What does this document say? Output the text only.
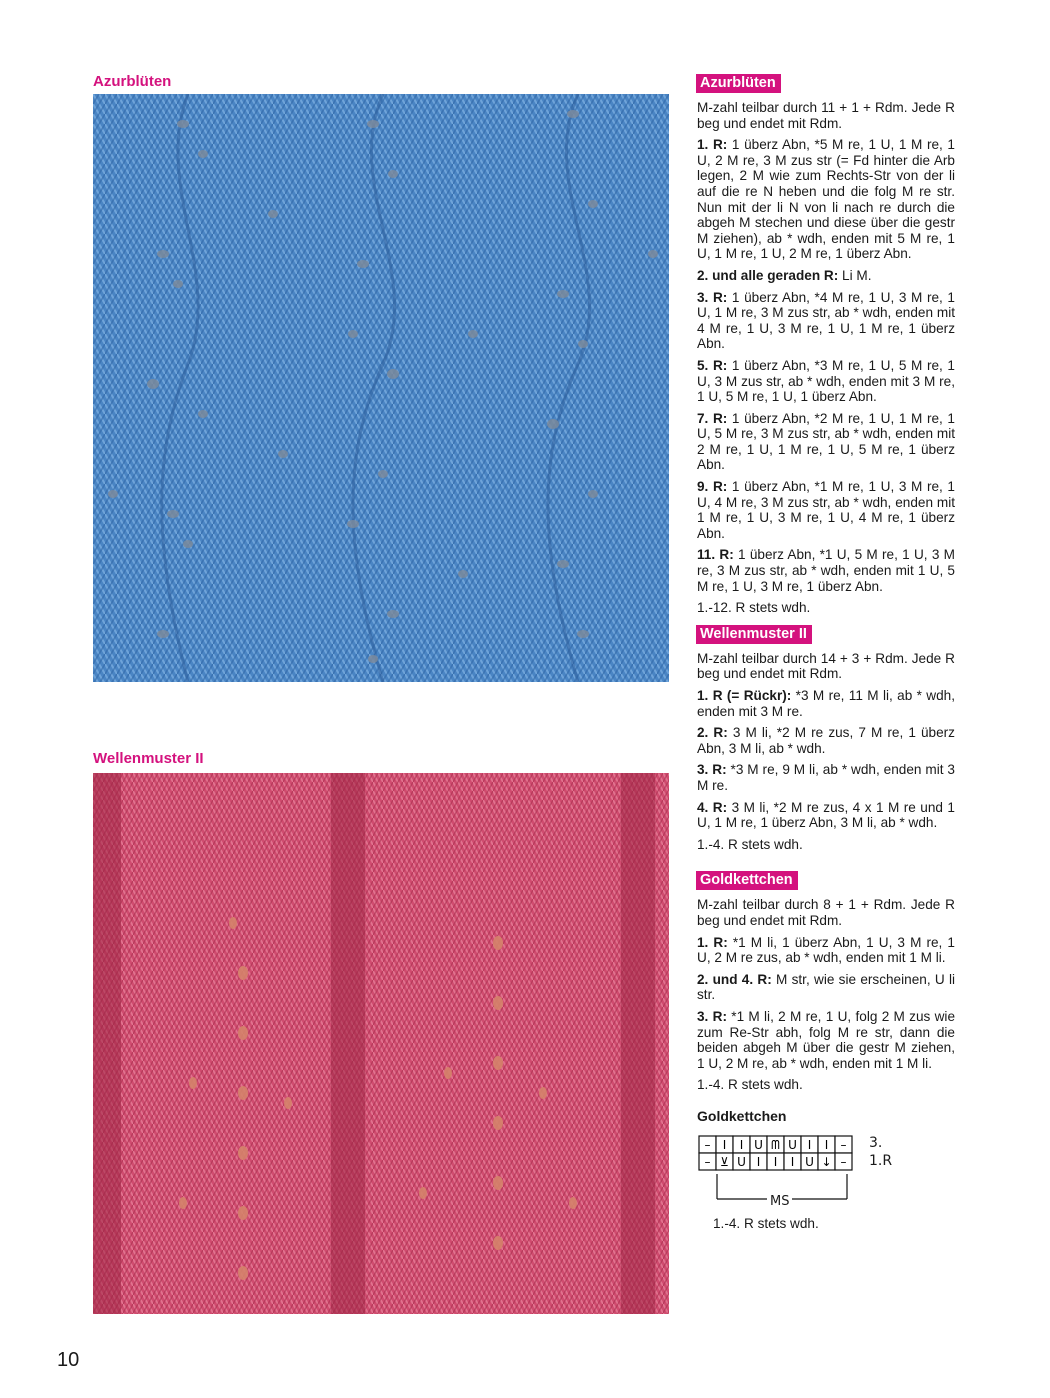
Azurblüten
Wellenmuster II
Azurblüten

M-zahl teilbar durch 11 + 1 + Rdm. Jede R beg und endet mit Rdm.

1. R: 1 überz Abn, *5 M re, 1 U, 1 M re, 1 U, 2 M re, 3 M zus str (= Fd hinter die Arb legen, 2 M wie zum Rechts-Str von der li auf die re N heben und die folg M re str. Nun mit der li N von li nach re durch die abgeh M stechen und diese über die gestr M ziehen), ab * wdh, enden mit 5 M re, 1 U, 1 M re, 1 U, 2 M re, 1 überz Abn.

2. und alle geraden R: Li M.

3. R: 1 überz Abn, *4 M re, 1 U, 3 M re, 1 U, 1 M re, 3 M zus str, ab * wdh, enden mit 4 M re, 1 U, 3 M re, 1 U, 1 M re, 1 überz Abn.

5. R: 1 überz Abn, *3 M re, 1 U, 5 M re, 1 U, 3 M zus str, ab * wdh, enden mit 3 M re, 1 U, 5 M re, 1 U, 1 überz Abn.

7. R: 1 überz Abn, *2 M re, 1 U, 1 M re, 1 U, 5 M re, 3 M zus str, ab * wdh, enden mit 2 M re, 1 U, 1 M re, 1 U, 5 M re, 1 überz Abn.

9. R: 1 überz Abn, *1 M re, 1 U, 3 M re, 1 U, 4 M re, 3 M zus str, ab * wdh, enden mit 1 M re, 1 U, 3 M re, 1 U, 4 M re, 1 überz Abn.

11. R: 1 überz Abn, *1 U, 5 M re, 1 U, 3 M re, 3 M zus str, ab * wdh, enden mit 1 U, 5 M re, 1 U, 3 M re, 1 überz Abn.

1.-12. R stets wdh.

Wellenmuster II

M-zahl teilbar durch 14 + 3 + Rdm. Jede R beg und endet mit Rdm.

1. R (= Rückr): *3 M re, 11 M li, ab * wdh, enden mit 3 M re.

2. R: 3 M li, *2 M re zus, 7 M re, 1 überz Abn, 3 M li, ab * wdh.

3. R: *3 M re, 9 M li, ab * wdh, enden mit 3 M re.

4. R: 3 M li, *2 M re zus, 4 x 1 M re und 1 U, 1 M re, 1 überz Abn, 3 M li, ab * wdh.

1.-4. R stets wdh.

Goldkettchen

M-zahl teilbar durch 8 + 1 + Rdm. Jede R beg und endet mit Rdm.

1. R: *1 M li, 1 überz Abn, 1 U, 3 M re, 1 U, 2 M re zus, ab * wdh, enden mit 1 M li.

2. und 4. R: M str, wie sie erscheinen, U li str.

3. R: *1 M li, 2 M re, 1 U, folg 2 M zus wie zum Re-Str abh, folg M re str, dann die beiden abgeh M über die gestr M ziehen, 1 U, 2 M re, ab * wdh, enden mit 1 M li.

1.-4. R stets wdh.

Goldkettchen
– I I U ᗰ U I I –
– ⊻ U I I I U ↓ –
3.
1.R
MS
1.-4. R stets wdh.
10
